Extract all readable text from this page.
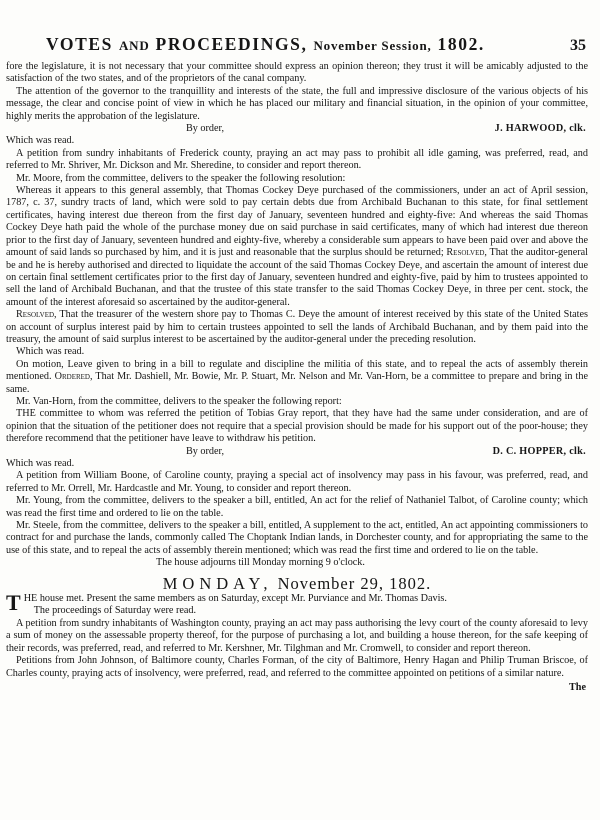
VOTES AND PROCEEDINGS, November Session, 1802.	35

fore the legislature, it is not necessary that your committee should express an opinion thereon; they trust it will be amicably adjusted to the satisfaction of the two states, and of the proprietors of the canal company.

The attention of the governor to the tranquillity and interests of the state, the full and impressive disclosure of the various objects of his message, the clear and concise point of view in which he has placed our military and financial situation, in the opinion of your committee, highly merits the approbation of the legislature.

By order,	J. HARWOOD, clk.

Which was read.

A petition from sundry inhabitants of Frederick county, praying an act may pass to prohibit all idle gaming, was preferred, read, and referred to Mr. Shriver, Mr. Dickson and Mr. Sheredine, to consider and report thereon.

Mr. Moore, from the committee, delivers to the speaker the following resolution:

Whereas it appears to this general assembly, that Thomas Cockey Deye purchased of the commissioners, under an act of April session, 1787, c. 37, sundry tracts of land, which were sold to pay certain debts due from Archibald Buchanan to this state, for final settlement certificates, having interest due thereon from the first day of January, seventeen hundred and eighty-five: And whereas the said Thomas Cockey Deye hath paid the whole of the purchase money due on said purchase in said certificates, many of which had interest due thereon prior to the first day of January, seventeen hundred and eighty-five, whereby a considerable sum appears to have been paid over and above the amount of said lands so purchased by him, and it is just and reasonable that the surplus should be returned; Resolved, That the auditor-general be and he is hereby authorised and directed to liquidate the account of the said Thomas Cockey Deye, and ascertain the amount of interest due on certain final settlement certificates prior to the first day of January, seventeen hundred and eighty-five, paid by him to trustees appointed to sell the land of Archibald Buchanan, and that the trustee of this state transfer to the said Thomas Cockey Deye, in three per cent. stock, the amount of the interest aforesaid so ascertained by the auditor-general.

Resolved, That the treasurer of the western shore pay to Thomas C. Deye the amount of interest received by this state of the United States on account of surplus interest paid by him to certain trustees appointed to sell the lands of Archibald Buchanan, and by them paid into the treasury, the amount of said surplus interest to be ascertained by the auditor-general under the preceding resolution.

Which was read.

On motion, Leave given to bring in a bill to regulate and discipline the militia of this state, and to repeal the acts of assembly therein mentioned. Ordered, That Mr. Dashiell, Mr. Bowie, Mr. P. Stuart, Mr. Nelson and Mr. Van-Horn, be a committee to prepare and bring in the same.

Mr. Van-Horn, from the committee, delivers to the speaker the following report:

THE committee to whom was referred the petition of Tobias Gray report, that they have had the same under consideration, and are of opinion that the situation of the petitioner does not require that a special provision should be made for his support out of the poor-house; they therefore recommend that the petitioner have leave to withdraw his petition.

By order,	D. C. HOPPER, clk.

Which was read.

A petition from William Boone, of Caroline county, praying a special act of insolvency may pass in his favour, was preferred, read, and referred to Mr. Orrell, Mr. Hardcastle and Mr. Young, to consider and report thereon.

Mr. Young, from the committee, delivers to the speaker a bill, entitled, An act for the relief of Nathaniel Talbot, of Caroline county; which was read the first time and ordered to lie on the table.

Mr. Steele, from the committee, delivers to the speaker a bill, entitled, A supplement to the act, entitled, An act appointing commissioners to contract for and purchase the lands, commonly called The Choptank Indian lands, in Dorchester county, and for appropriating the same to the use of this state, and to repeal the acts of assembly therein mentioned; which was read the first time and ordered to lie on the table.

The house adjourns till Monday morning 9 o'clock.

MONDAY, November 29, 1802.

T HE house met. Present the same members as on Saturday, except Mr. Purviance and Mr. Thomas Davis.

The proceedings of Saturday were read.

A petition from sundry inhabitants of Washington county, praying an act may pass authorising the levy court of the county aforesaid to levy a sum of money on the assessable property thereof, for the purpose of purchasing a lot, and building a house thereon, for the safe keeping of their records, was preferred, read, and referred to Mr. Kershner, Mr. Tilghman and Mr. Cromwell, to consider and report thereon.

Petitions from John Johnson, of Baltimore county, Charles Forman, of the city of Baltimore, Henry Hagan and Philip Truman Briscoe, of Charles county, praying acts of insolvency, were preferred, read, and referred to the committee appointed on petitions of a similar nature.

The
